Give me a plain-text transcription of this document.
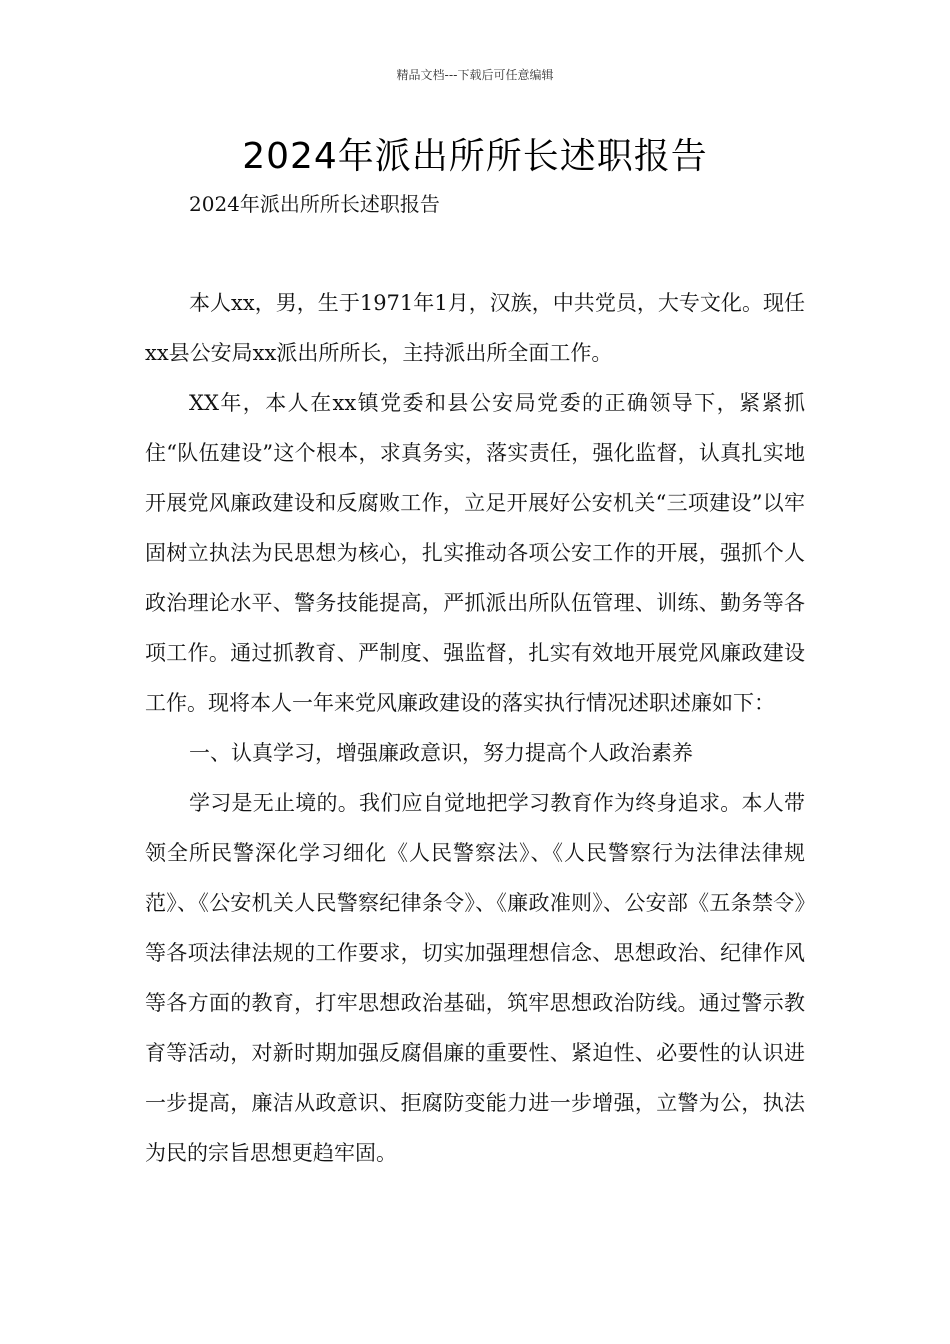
精品文档---下载后可任意编辑
2024年派出所所长述职报告
2024年派出所所长述职报告

本人xx，男，生于1971年1月，汉族，中共党员，大专文化。现任xx县公安局xx派出所所长，主持派出所全面工作。

XX年，本人在xx镇党委和县公安局党委的正确领导下，紧紧抓住“队伍建设”这个根本，求真务实，落实责任，强化监督，认真扎实地开展党风廉政建设和反腐败工作，立足开展好公安机关“三项建设”以牢固树立执法为民思想为核心，扎实推动各项公安工作的开展，强抓个人政治理论水平、警务技能提高，严抓派出所队伍管理、训练、勤务等各项工作。通过抓教育、严制度、强监督，扎实有效地开展党风廉政建设工作。现将本人一年来党风廉政建设的落实执行情况述职述廉如下：

一、认真学习，增强廉政意识，努力提高个人政治素养

学习是无止境的。我们应自觉地把学习教育作为终身追求。本人带领全所民警深化学习细化《人民警察法》、《人民警察行为法律法律规范》、《公安机关人民警察纪律条令》、《廉政准则》、公安部《五条禁令》等各项法律法规的工作要求，切实加强理想信念、思想政治、纪律作风等各方面的教育，打牢思想政治基础，筑牢思想政治防线。通过警示教育等活动，对新时期加强反腐倡廉的重要性、紧迫性、必要性的认识进一步提高，廉洁从政意识、拒腐防变能力进一步增强，立警为公，执法为民的宗旨思想更趋牢固。
